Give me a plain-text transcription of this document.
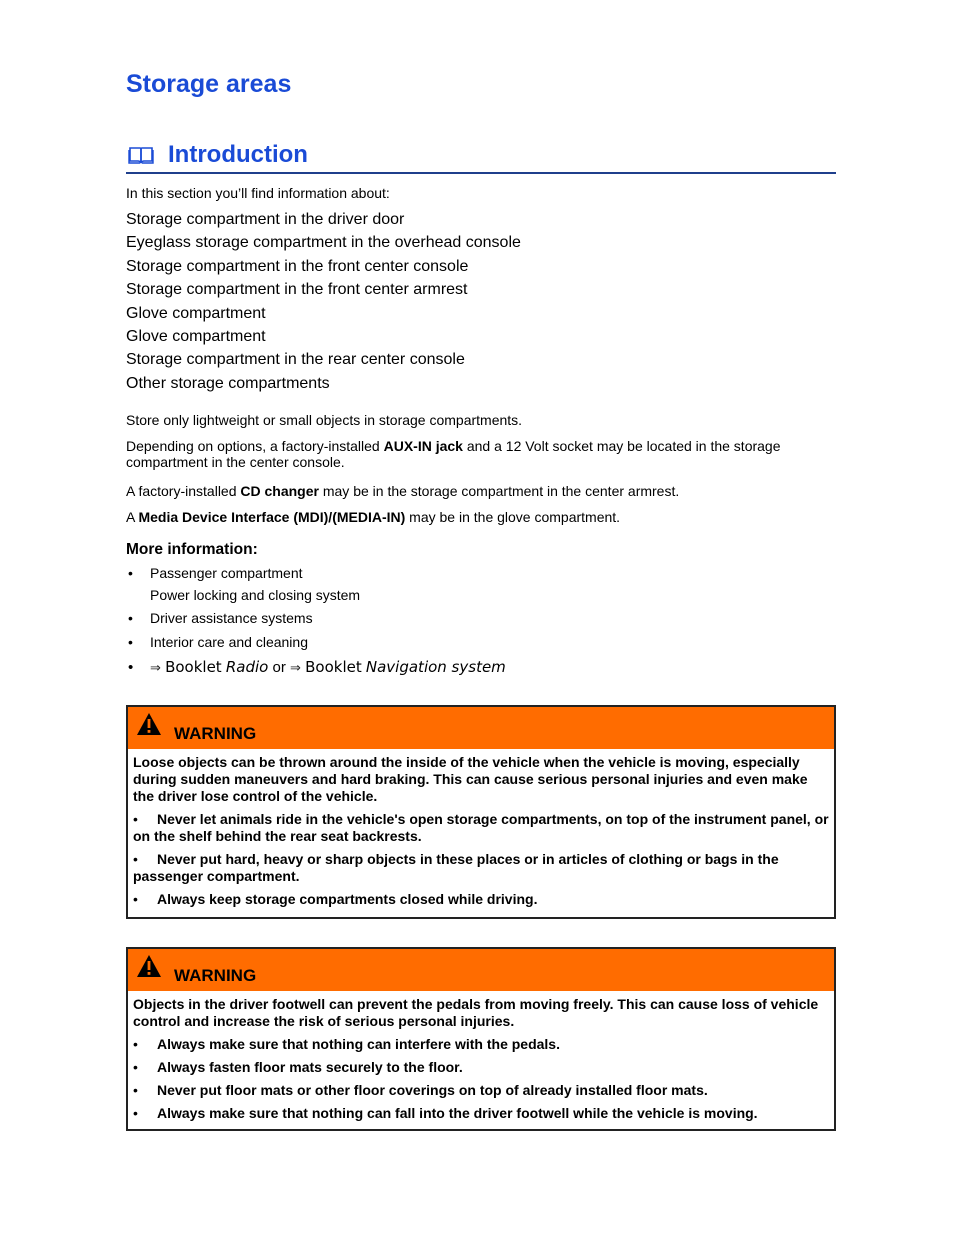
Storage areas
Introduction

In this section you’ll find information about:

Storage compartment in the driver door
Eyeglass storage compartment in the overhead console
Storage compartment in the front center console
Storage compartment in the front center armrest
Glove compartment
Glove compartment
Storage compartment in the rear center console
Other storage compartments

Store only lightweight or small objects in storage compartments.

Depending on options, a factory-installed AUX-IN jack and a 12 Volt socket may be located in the storage compartment in the center console.

A factory-installed CD changer may be in the storage compartment in the center armrest.

A Media Device Interface (MDI)/(MEDIA-IN) may be in the glove compartment.

More information:
• Passenger compartment
Power locking and closing system
• Driver assistance systems
• Interior care and cleaning
• ⇒ Booklet Radio or ⇒ Booklet Navigation system
WARNING

Loose objects can be thrown around the inside of the vehicle when the vehicle is moving, especially during sudden maneuvers and hard braking. This can cause serious personal injuries and even make the driver lose control of the vehicle.

• Never let animals ride in the vehicle's open storage compartments, on top of the instrument panel, or on the shelf behind the rear seat backrests.
• Never put hard, heavy or sharp objects in these places or in articles of clothing or bags in the passenger compartment.
• Always keep storage compartments closed while driving.
WARNING

Objects in the driver footwell can prevent the pedals from moving freely. This can cause loss of vehicle control and increase the risk of serious personal injuries.

• Always make sure that nothing can interfere with the pedals.
• Always fasten floor mats securely to the floor.
• Never put floor mats or other floor coverings on top of already installed floor mats.
• Always make sure that nothing can fall into the driver footwell while the vehicle is moving.
